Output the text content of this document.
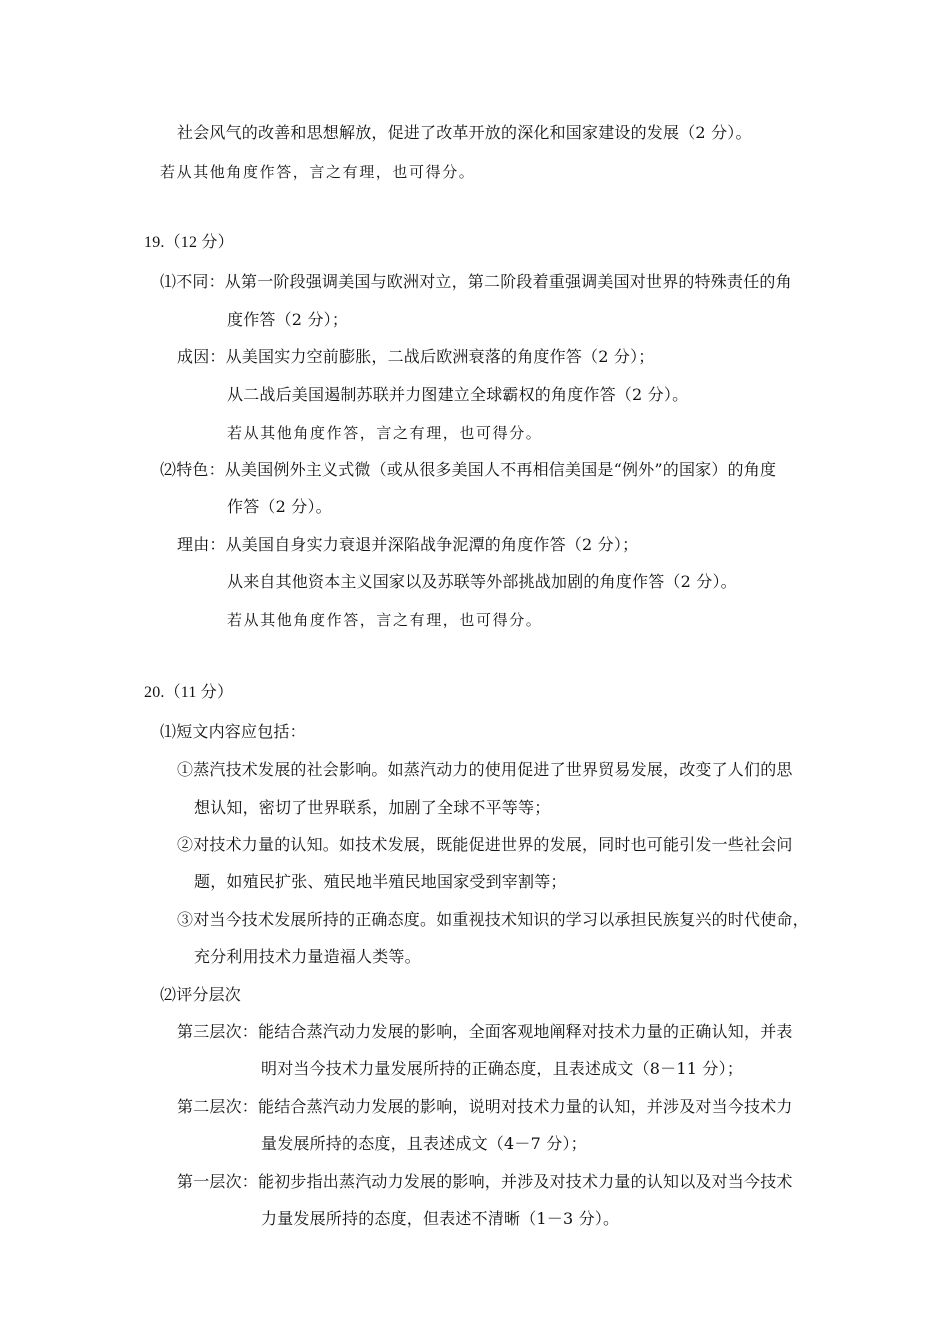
社会风气的改善和思想解放，促进了改革开放的深化和国家建设的发展（2 分）。
若从其他角度作答，言之有理，也可得分。
19.（12 分）
⑴不同：从第一阶段强调美国与欧洲对立，第二阶段着重强调美国对世界的特殊责任的角
度作答（2 分）；
成因：从美国实力空前膨胀，二战后欧洲衰落的角度作答（2 分）；
从二战后美国遏制苏联并力图建立全球霸权的角度作答（2 分）。
若从其他角度作答，言之有理，也可得分。
⑵特色：从美国例外主义式微（或从很多美国人不再相信美国是“例外”的国家）的角度
作答（2 分）。
理由：从美国自身实力衰退并深陷战争泥潭的角度作答（2 分）；
从来自其他资本主义国家以及苏联等外部挑战加剧的角度作答（2 分）。
若从其他角度作答，言之有理，也可得分。
20.（11 分）
⑴短文内容应包括：
①蒸汽技术发展的社会影响。如蒸汽动力的使用促进了世界贸易发展，改变了人们的思
想认知，密切了世界联系，加剧了全球不平等等；
②对技术力量的认知。如技术发展，既能促进世界的发展，同时也可能引发一些社会问
题，如殖民扩张、殖民地半殖民地国家受到宰割等；
③对当今技术发展所持的正确态度。如重视技术知识的学习以承担民族复兴的时代使命，
充分利用技术力量造福人类等。
⑵评分层次
第三层次：能结合蒸汽动力发展的影响，全面客观地阐释对技术力量的正确认知，并表
明对当今技术力量发展所持的正确态度，且表述成文（8－11 分）；
第二层次：能结合蒸汽动力发展的影响，说明对技术力量的认知，并涉及对当今技术力
量发展所持的态度，且表述成文（4－7 分）；
第一层次：能初步指出蒸汽动力发展的影响，并涉及对技术力量的认知以及对当今技术
力量发展所持的态度，但表述不清晰（1－3 分）。
